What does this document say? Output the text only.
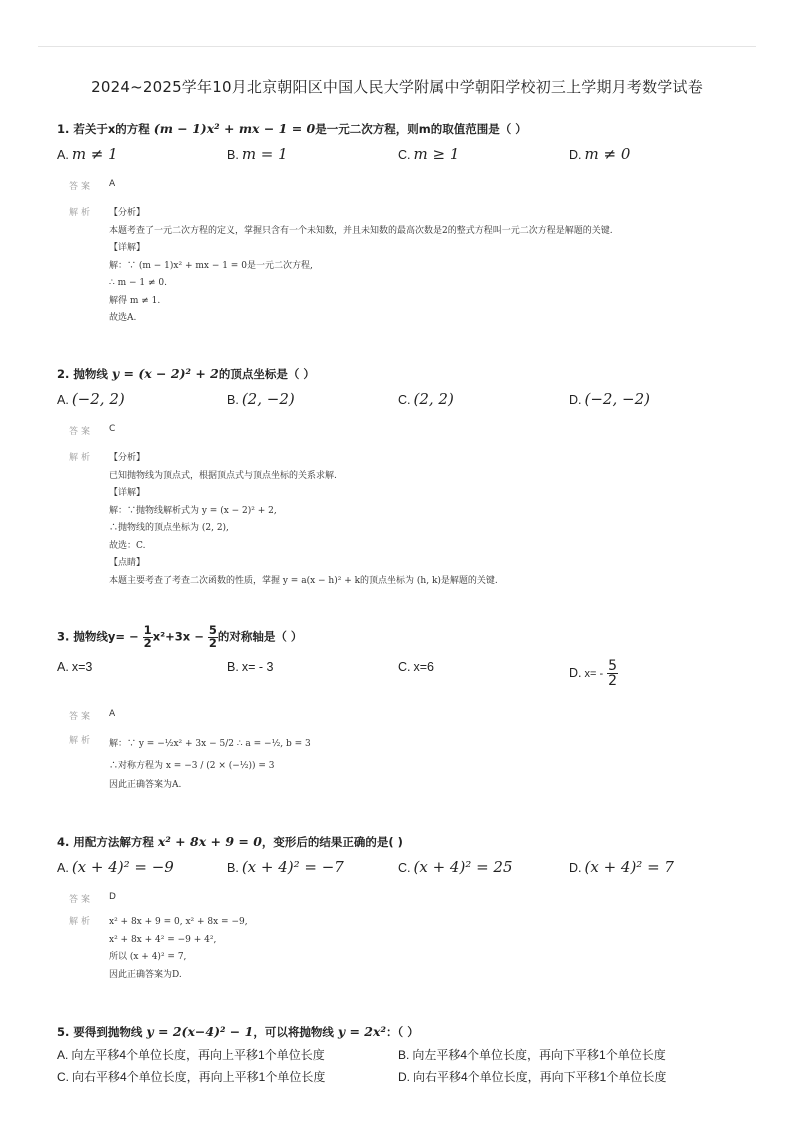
2024~2025学年10月北京朝阳区中国人民大学附属中学朝阳学校初三上学期月考数学试卷
1. 若关于x的方程 (m − 1)x² + mx − 1 = 0是一元二次方程，则m的取值范围是（ ）
A. m ≠ 1	B. m = 1	C. m ≥ 1	D. m ≠ 0
答案 A
解析 【分析】
本题考查了一元二次方程的定义，掌握只含有一个未知数，并且未知数的最高次数是2的整式方程叫一元二次方程是解题的关键.
【详解】
解：∵ (m − 1)x² + mx − 1 = 0是一元二次方程,
∴ m − 1 ≠ 0.
解得 m ≠ 1.
故选A.
2. 抛物线 y = (x − 2)² + 2的顶点坐标是（ ）
A. (−2, 2)	B. (2, −2)	C. (2, 2)	D. (−2, −2)
答案 C
解析 【分析】
已知抛物线为顶点式，根据顶点式与顶点坐标的关系求解.
【详解】
解：∵抛物线解析式为 y = (x − 2)² + 2,
∴抛物线的顶点坐标为 (2, 2),
故选：C.
【点睛】
本题主要考查了考查二次函数的性质，掌握 y = a(x − h)² + k的顶点坐标为 (h, k)是解题的关键.
3. 抛物线$y= - \frac{1}{2} x^2+3x - \frac{5}{2}$ 的对称轴是（ ）
A. x=3	B. x= - 3	C. x=6	D. $x= - \frac{5}{2}$
答案 A
解析 解：∵ y = −½x² + 3x − 5/2 ∴ a = −½, b = 3
∴对称方程为 x = −3 / (2 × (−½)) = 3
因此正确答案为A.
4. 用配方法解方程 x² + 8x + 9 = 0，变形后的结果正确的是( )
A. (x + 4)² = −9	B. (x + 4)² = −7	C. (x + 4)² = 25	D. (x + 4)² = 7
答案 D
解析 x² + 8x + 9 = 0, x² + 8x = −9,
x² + 8x + 4² = −9 + 4²,
所以 (x + 4)² = 7,
因此正确答案为D.
5. 要得到抛物线 y = 2(x−4)² − 1，可以将抛物线 y = 2x²：（ ）
A. 向左平移4个单位长度，再向上平移1个单位长度	B. 向左平移4个单位长度，再向下平移1个单位长度
C. 向右平移4个单位长度，再向上平移1个单位长度	D. 向右平移4个单位长度，再向下平移1个单位长度
